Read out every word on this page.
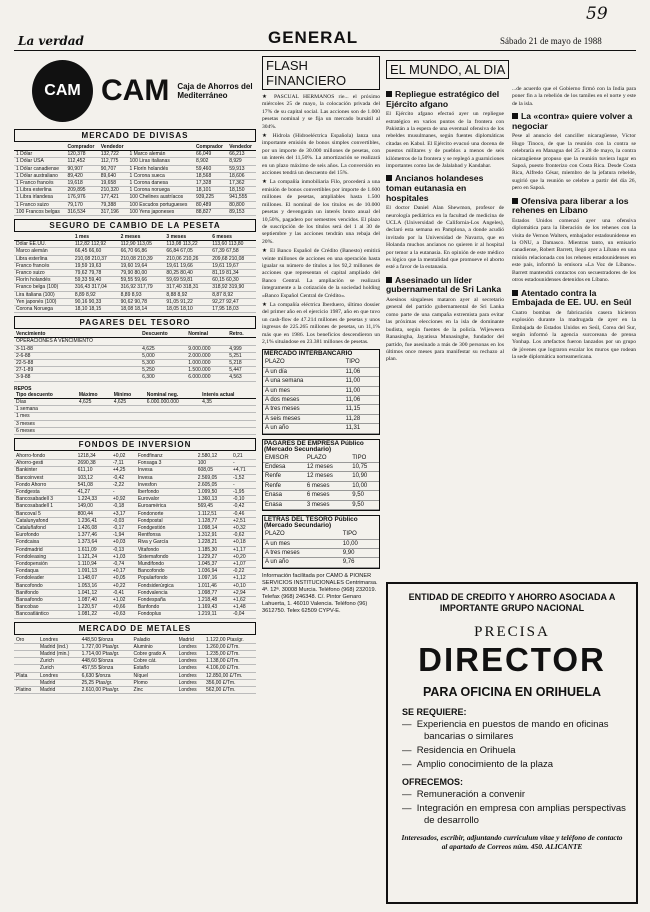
59
La verdad	GENERAL	Sábado 21 de mayo de 1988
CAM CAM Caja de Ahorros del Mediterráneo
MERCADO DE DIVISAS
	Comprador	Vendedor		Comprador	Vendedor
1 Dólar	120,378	132,722	1 Marco alemán	66,049	66,213
1 Dólar USA	112,452	112,775	100 Liras italianas	8,902	8,929
1 Dólar canadiense	90,907	90,707	1 Florín holandés	59,460	59,913
1 Dólar australiano	89,420	89,640	1 Corona sueca	18,568	18,606
1 Franco francés	19,618	19,658	1 Corona danesa	17,328	17,362
1 Libra esterlina	209,895	210,320	1 Corona noruega	18,101	18,150
1 Libra irlandesa	176,976	177,421	100 Chelines austríacos	939,225	941,555
1 Franco suizo	79,170	79,388	100 Escudos portugueses	80,489	80,800
100 Francos belgas	316,534	317,196	100 Yens japoneses	88,827	89,153
SEGURO DE CAMBIO DE LA PESETA
	1 mes	2 meses	3 meses	6 meses
Dólar EE.UU.	112,82 112,92	112,90 113,05	113,08 113,22	113,60 113,80
Marco alemán	66,45 66,60	66,70 66,86	66,84 67,05	67,39 67,58
Libra esterlina	210,08 210,37	210,08 210,39	210,06 210,26	209,68 210,08
Franco francés	19,59 19,63	19,60 19,64	19,61 19,66	19,61 19,67
Franco suizo	79,62 79,78	79,90 80,00	80,25 80,40	81,19 81,34
Florín holandés	59,33 59,40	59,55 59,66	59,69 59,81	60,15 60,30
Franco belga (100)	316,43 317,04	316,92 317,79	317,40 318,31	318,92 319,90
Lira italiana (100)	8,89 8,92	8,89 8,93	8,88 8,92	8,87 8,92
Yen japonés (100)	90,16 90,33	90,62 90,78	91,05 91,22	92,27 92,47
Corona Noruega	18,10 18,15	18,08 18,14	18,05 18,10	17,95 18,03
PAGARES DEL TESORO
Vencimiento	Descuento	Nominal	Retro.
OPERACIONES A VENCIMIENTO			
3-11-88	4,625	9.000.000	4,999
2-6-88	5,000	2.000.000	5,251
22-5-88	5,300	1.000.000	5,218
27-1-89	5,250	1.500.000	5,447
3-9-88	6,300	6.000.000	4,563
REPOS
Tipo descuento	Máximo	Mínimo	Nominal neg.	Interés actual
Días	4,625	4,625	6.000.000.000	4,35
1 semana				
1 mes				
3 meses				
6 meses				
FONDOS DE INVERSION
Ahorro-fondo	1218,34	+0,02	Fondfinanz	2.580,12	0,21
Ahorro-gesti	2690,38	-7,11	Fonsaga 3	100	-
Bankinter	611,10	+4,25	Invesa	608,05	+4,71
Bancoinvest	103,12	-0,42	Invesa	2.569,05	-1,52
Fondo Ahorro	541,08	-2,22	Invesfon	2.605,05	-
Fondgesta	41,27	-	Iberfondo	1.099,50	-1,95
Bancosabadell 3	1.224,33	+0,92	Eurovalor	1.360,13	-0,10
Bancosabadell 1	149,00	-0,18	Euroamérica	569,45	-0,42
Bancoval 5	800,44	+3,17	Fondonorte	1.112,51	-0,46
Catalunyafond	1.236,41	-0,03	Fondpostal	1.128,77	+2,51
Cataluñafond	1.426,08	-0,17	Fondgestión	1.098,14	+0,32
Eurofondo	1.377,46	-1,94	Rentfonsa	1.312,91	-0,62
Fondcaixa	1.373,64	+0,03	Riva y García	1.228,21	+0,18
Fondmadrid	1.611,09	-0,13	Vitafondo	1.185,30	+1,17
Fondoleasing	1.121,24	+1,03	Sistemafondo	1.229,27	+0,20
Fondopensión	1.110,94	-0,74	Mundifondo	1.045,37	+1,07
Fondaqua	1.091,13	+0,17	Bancofondo	1.036,94	-0,22
Fondoleader	1.148,07	+0,05	Popularfondo	1.097,16	+1,12
Bancofondo	1.053,16	+0,22	Fondsiderúrgica	1.011,46	+0,10
Banifondo	1.041,12	-0,41	Fondvalencia	1.098,77	+2,94
Bansafondo	1.087,40	+1,02	Fondespaña	1.218,48	+1,62
Bancobao	1.220,57	+0,66	Banfondo	1.169,43	+1,48
Bancoatlántico	1.081,22	+0,63	Fondoplus	1.219,11	-0,04
MERCADO DE METALES
Oro	Londres	448,50 $/onza	Paladio	Madrid	1.122,00 Ptas/gr.
	Madrid (ind.)	1.727,00 Ptas/gr.	Aluminio	Londres	1.260,00 £/Tm.
	Madrid (min.)	1.714,00 Ptas/gr.	Cobre grado A	Londres	1.235,00 £/Tm.
	Zurich	448,60 $/onza	Cobre cát.	Londres	1.138,00 £/Tm.
	Zurich	457,55 $/onza	Estaño	Londres	4.106,00 £/Tm.
Plata	Londres	6,630 $/onza	Níquel	Londres	12.850,00 £/Tm.
	Madrid	25,25 Ptas/gr.	Plomo	Londres	356,00 £/Tm.
Platino	Madrid	2.610,00 Ptas/gr.	Zinc	Londres	562,00 £/Tm.
FLASH FINANCIERO
★ PASCUAL HERMANOS rie... el próximo miércoles 25 de mayo, la colocación privada del 17% de su capital social. Las acciones son de 1.000 pesetas nominal y se fija un mercado bursátil al 304%.
★ Hidrola (Hidroeléctrica Española) lanza una importante emisión de bonos simples convertibles, por un importe de 30.000 millones de pesetas, con un interés del 11,50%. La amortización se realizará en un plazo máximo de seis años. La conversión en acciones tendrá un descuento del 15%.
★ La compañía inmobiliaria Filo, procederá a una emisión de bonos convertibles por importe de 1.600 millones de pesetas, ampliables hasta 1.500 millones. El nominal de los títulos es de 10.000 pesetas y devengarán un interés bruto anual del 10,50%, pagadero por semestres vencidos. El plazo de suscripción de los títulos será del 1 al 30 de septiembre y las acciones tendrán una rebaja del 20%.
★ El Banco Español de Crédito (Banesto) emitirá veinte millones de acciones en una operación hasta igualar su número de títulos a los 92,2 millones de acciones que representan el capital ampliado del Banco Central. La ampliación se realizará íntegramente a la cotización de la sociedad holding «Banco Español Central de Crédito».
★ La compañía eléctrica Iberduero, último dossier del primer año en el ejercicio 1987, año en que tuvo un cash-flow de 47.214 millones de pesetas y unos ingresos de 225.265 millones de pesetas, un 11,1% más que en 1986. Los beneficios descendieron un 2,1% situándose en 23.381 millones de pesetas.
MERCADO INTERBANCARIO
PLAZO	TIPO
A un día	11,06
A una semana	11,00
A un mes	11,00
A dos meses	11,06
A tres meses	11,15
A seis meses	11,28
A un año	11,31
PAGARES DE EMPRESA Público (Mercado Secundario)
EMISOR	PLAZO	TIPO
Endesa	12 meses	10,75
Renfe	12 meses	10,90
Renfe	6 meses	10,00
Enasa	6 meses	9,50
Enasa	3 meses	9,50
LETRAS DEL TESORO Público (Mercado Secundario)
PLAZO	TIPO
A un mes	10,00
A tres meses	9,90
A un año	9,76
Información facilitada por CAMO & PIONER SERVICIOS INSTITUCIONALES Centrimarsa. 4ª. 12ª. 30008 Murcia. Teléfono (968) 232019. Telefax (968) 246348. C/. Pintor Genaro Lahuerta, 1. 46010 Valencia. Teléfono (96) 3612750. Telex 62509 CYPV-E.
EL MUNDO, AL DIA
Repliegue estratégico del Ejército afgano
El Ejército afgano efectuó ayer un repliegue estratégico en varios puntos de la frontera con Pakistán a la espera de una eventual ofensiva de los rebeldes musulmanes, según fuentes diplomáticas citadas en Kabul. El Ejército evacuó una docena de puestos militares y de pueblos a menos de seis kilómetros de la frontera y se replegó a guarniciones importantes como las de Jalalabad y Kandahar.
Ancianos holandeses toman eutanasia en hospitales
El doctor Daniel Alan Shewmon, profesor de neurología pediátrica en la facultad de medicina de UCLA (Universidad de California-Los Angeles), declaró esta semana en Pamplona, a donde acudió invitado por la Universidad de Navarra, que en Holanda muchos ancianos no quieren ir al hospital por temor a la eutanasia. En opinión de este médico es lógico que la mentalidad que promueve el aborto esté a favor de la eutanasia.
Asesinado un líder gubernamental de Sri Lanka
Asesinos singaleses mataron ayer al secretario general del partido gubernamental de Sri Lanka como parte de una campaña extremista para evitar las próximas elecciones en la isla de dominante budista, según fuentes de la policía. Wijeweera Ranasingha, Jayatissa Munasinghe, fundador del partido, fue asesinado a más de 300 personas en los últimos once meses para manifestar su rechazo al plan.
...de acuerdo que el Gobierno firmó con la India para poner fin a la rebelión de los tamiles en el norte y este de la isla.
La «contra» quiere volver a negociar
Pese al anuncio del canciller nicaragüense, Víctor Hugo Tinoco, de que la reunión con la contra se celebraría en Managua del 25 a 28 de mayo, la contra nicaragüense propuso que la reunión tuviera lugar en Sapoá, puesto fronterizo con Costa Rica. Desde Costa Rica, Alfredo César, miembro de la jefatura rebelde, sugirió que la reunión se celebre a partir del día 26, pero en Sapoá.
Ofensiva para liberar a los rehenes en Líbano
Estados Unidos comenzó ayer una ofensiva diplomática para la liberación de los rehenes con la visita de Vernon Walters, embajador estadounidense en la ONU, a Damasco. Mientras tanto, un emisario canadiense, Robert Barrett, llegó ayer a Líbano en una misión relacionada con los rehenes estadounidenses en este país, informó la emisora «La Voz de Líbano». Barrett mantendrá contactos con secuestradores de los otros estadounidenses detenidos en Líbano.
Atentado contra la Embajada de EE. UU. en Seúl
Cuatro bombas de fabricación casera hicieron explosión durante la madrugada de ayer en la Embajada de Estados Unidos en Seúl, Corea del Sur, según informó la agencia surcoreana de prensa Yonhap. Los artefactos fueron lanzados por un grupo de jóvenes que lograron escalar los muros que rodean la sede diplomática norteamericana.
ENTIDAD DE CREDITO Y AHORRO ASOCIADA A IMPORTANTE GRUPO NACIONAL
PRECISA
DIRECTOR
PARA OFICINA EN ORIHUELA
SE REQUIERE:
—  Experiencia en puestos de mando en oficinas bancarias o similares
—  Residencia en Orihuela
—  Amplio conocimiento de la plaza
OFRECEMOS:
—  Remuneración a convenir
—  Integración en empresa con amplias perspectivas de desarrollo
Interesados, escribir, adjuntando curriculum vitae y teléfono de contacto al apartado de Correos núm. 450. ALICANTE
